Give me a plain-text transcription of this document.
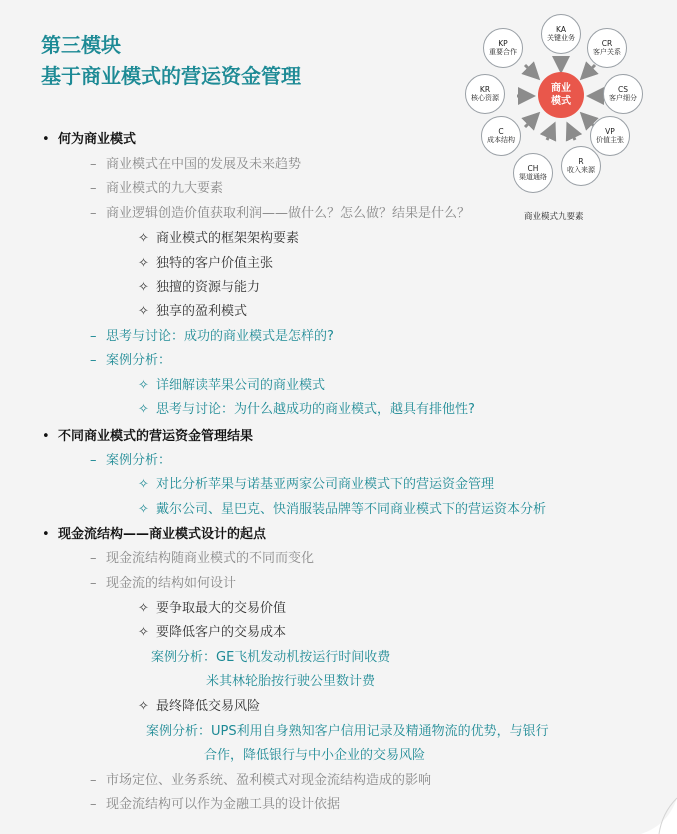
第三模块
基于商业模式的营运资金管理
商业
模式
KA
关键业务
CR
客户关系
CS
客户细分
VP
价值主张
R
收入来源
CH
渠道通络
C
成本结构
KR
核心资源
KP
重要合作
商业模式九要素
• 何为商业模式
– 商业模式在中国的发展及未来趋势
– 商业模式的九大要素
– 商业逻辑创造价值获取利润——做什么？怎么做？结果是什么？
✧ 商业模式的框架架构要素
✧ 独特的客户价值主张
✧ 独擅的资源与能力
✧ 独享的盈利模式
– 思考与讨论：成功的商业模式是怎样的?
– 案例分析：
✧ 详细解读苹果公司的商业模式
✧ 思考与讨论：为什么越成功的商业模式，越具有排他性?
• 不同商业模式的营运资金管理结果
– 案例分析：
✧ 对比分析苹果与诺基亚两家公司商业模式下的营运资金管理
✧ 戴尔公司、星巴克、快消服装品牌等不同商业模式下的营运资本分析
• 现金流结构——商业模式设计的起点
– 现金流结构随商业模式的不同而变化
– 现金流的结构如何设计
✧ 要争取最大的交易价值
✧ 要降低客户的交易成本
案例分析：GE飞机发动机按运行时间收费
米其林轮胎按行驶公里数计费
✧ 最终降低交易风险
案例分析：UPS利用自身熟知客户信用记录及精通物流的优势，与银行
合作，降低银行与中小企业的交易风险
– 市场定位、业务系统、盈利模式对现金流结构造成的影响
– 现金流结构可以作为金融工具的设计依据
